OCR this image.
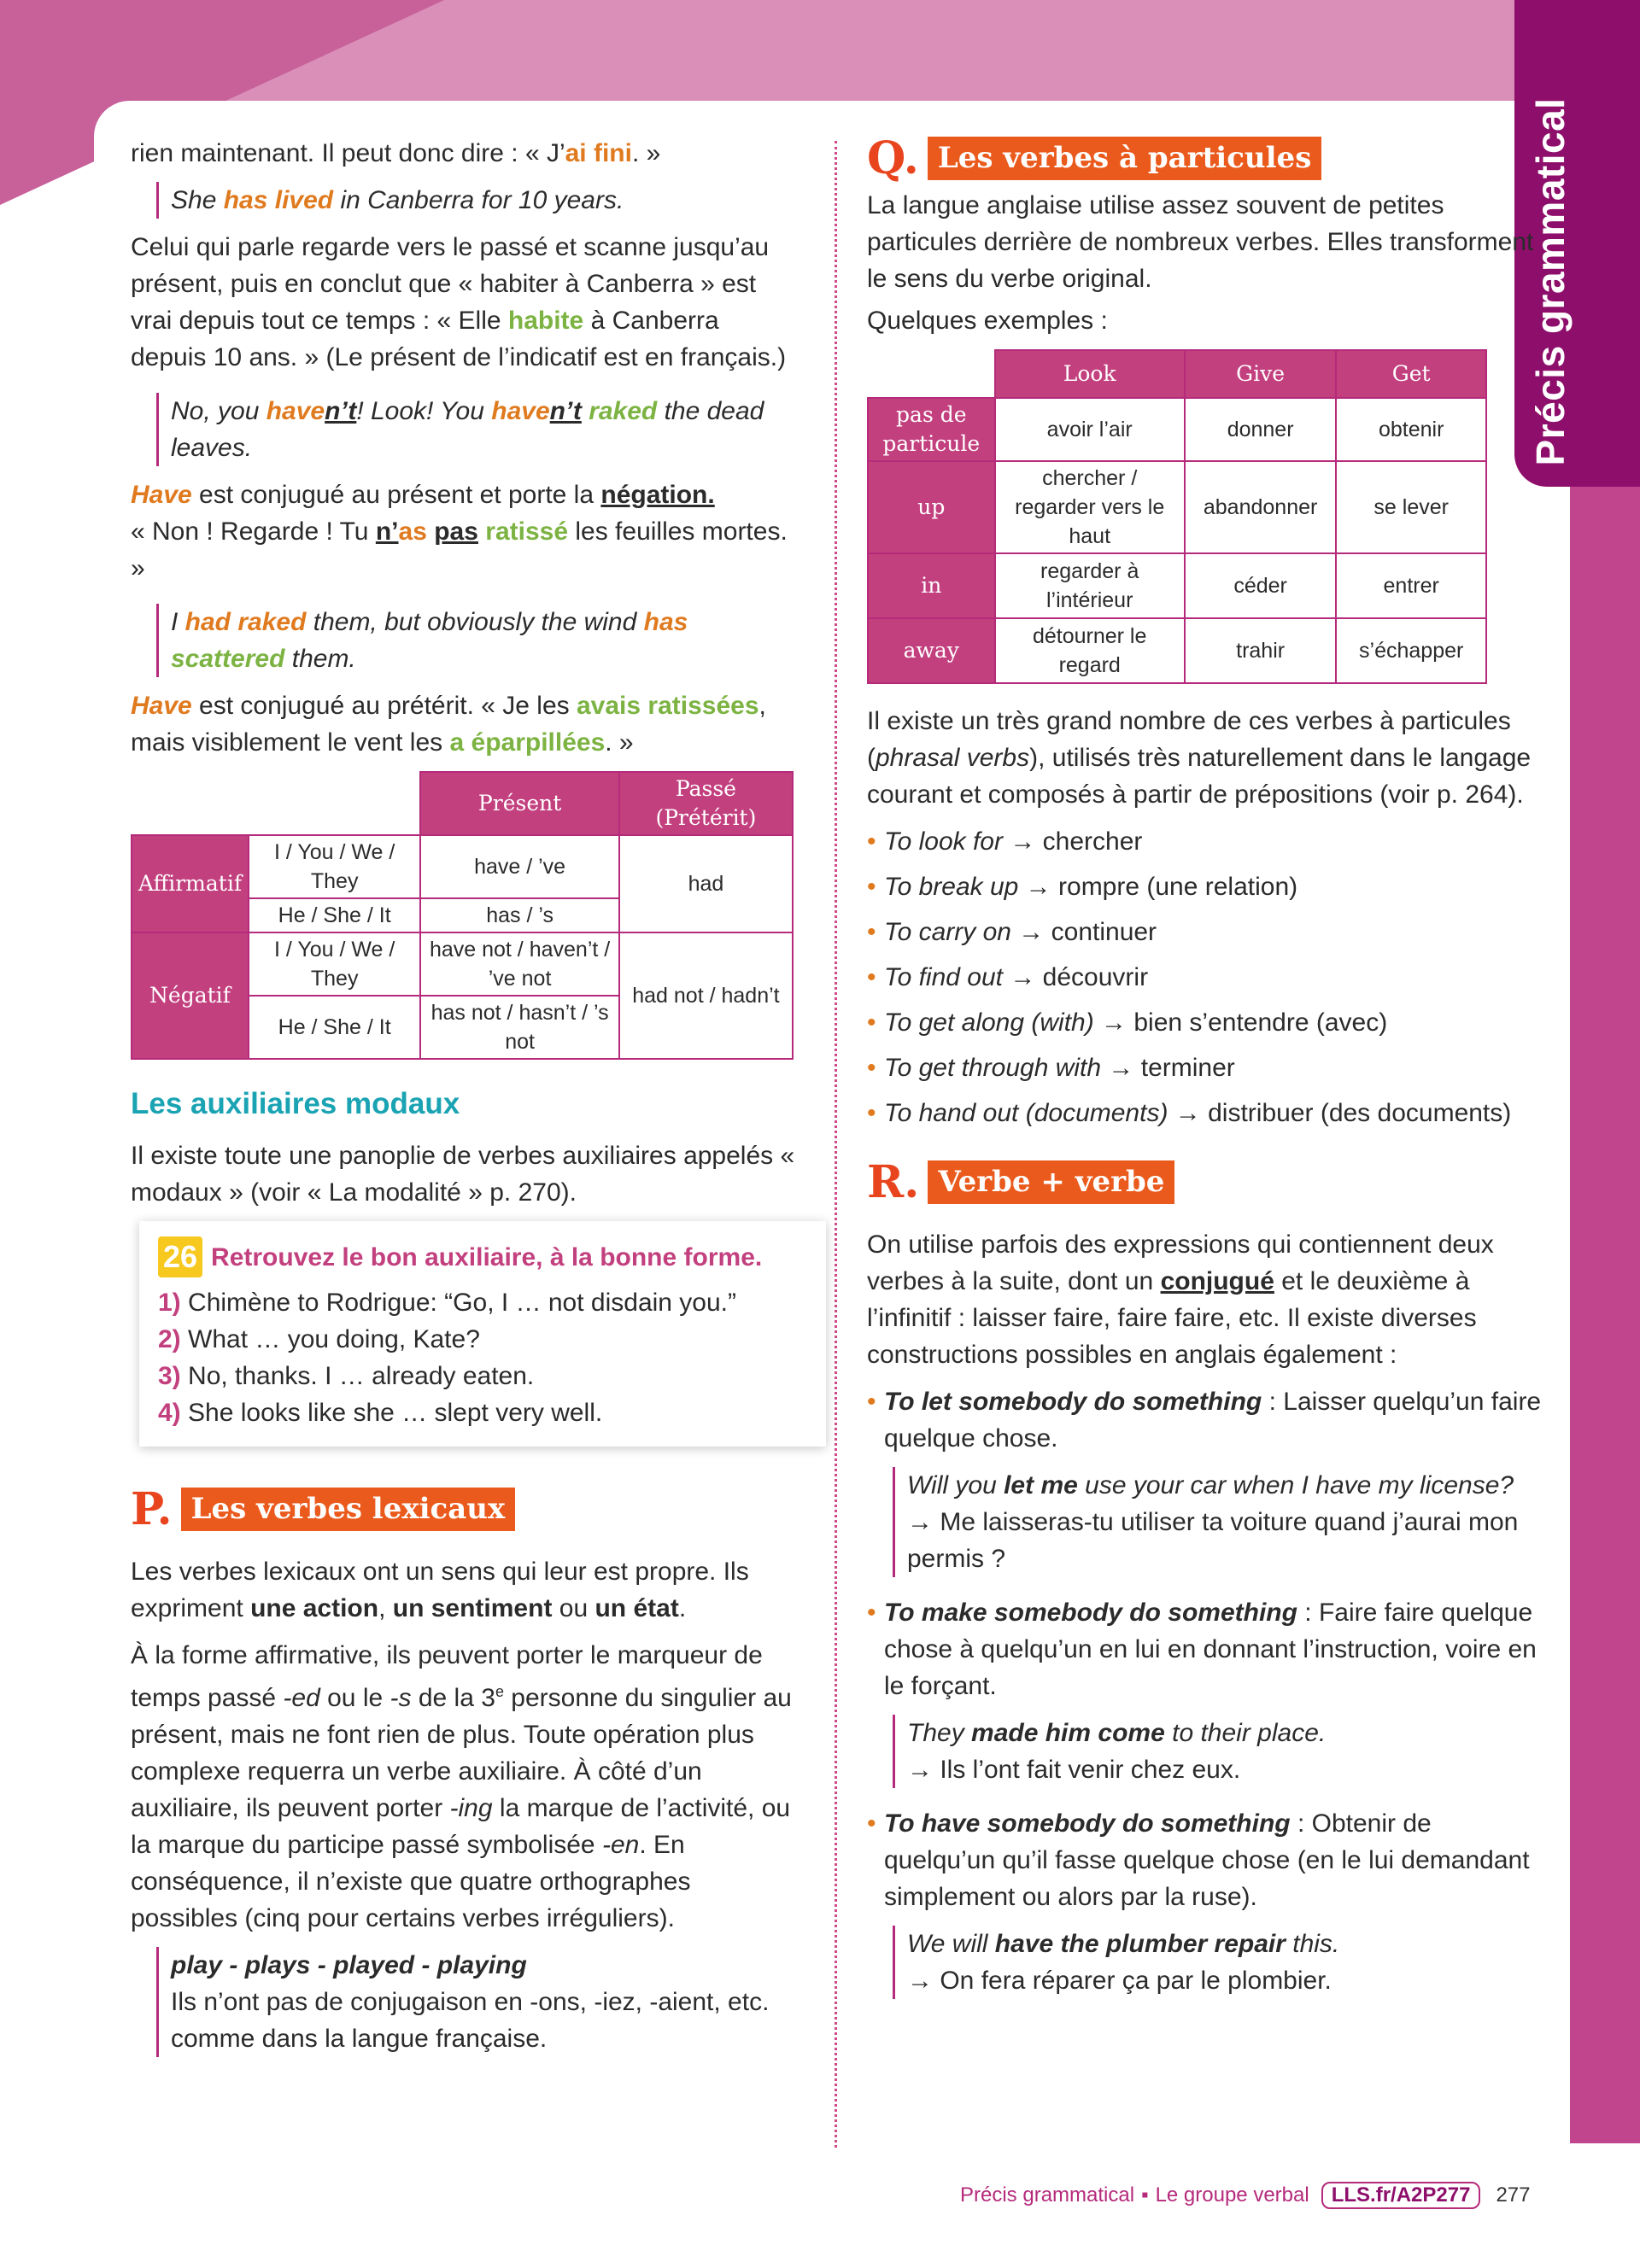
Précis grammatical

rien maintenant. Il peut donc dire : « J’ai fini. »

She has lived in Canberra for 10 years.

Celui qui parle regarde vers le passé et scanne jusqu’au présent, puis en conclut que « habiter à Canberra » est vrai depuis tout ce temps : « Elle habite à Canberra depuis 10 ans. » (Le présent de l’indicatif est en français.)

No, you haven’t! Look! You haven’t raked the dead leaves.

Have est conjugué au présent et porte la négation.
« Non ! Regarde ! Tu n’as pas ratissé les feuilles mortes. »

I had raked them, but obviously the wind has scattered them.

Have est conjugué au prétérit. « Je les avais ratissées, mais visiblement le vent les a éparpillées. »

		Présent	Passé (Prétérit)
Affirmatif	I / You / We / They	have / ’ve	had
	He / She / It	has / ’s	
Négatif	I / You / We / They	have not / haven’t / ’ve not	had not / hadn’t
	He / She / It	has not / hasn’t / ’s not	
Les auxiliaires modaux

Il existe toute une panoplie de verbes auxiliaires appelés « modaux » (voir « La modalité » p. 270).

26 Retrouvez le bon auxiliaire, à la bonne forme.
1) Chimène to Rodrigue: “Go, I … not disdain you.”
2) What … you doing, Kate?
3) No, thanks. I … already eaten.
4) She looks like she … slept very well.
P. Les verbes lexicaux

Les verbes lexicaux ont un sens qui leur est propre. Ils expriment une action, un sentiment ou un état.

À la forme affirmative, ils peuvent porter le marqueur de temps passé -ed ou le -s de la 3e personne du singulier au présent, mais ne font rien de plus. Toute opération plus complexe requerra un verbe auxiliaire. À côté d’un auxiliaire, ils peuvent porter -ing la marque de l’activité, ou la marque du participe passé symbolisée -en. En conséquence, il n’existe que quatre orthographes possibles (cinq pour certains verbes irréguliers).

play - plays - played - playing
Ils n’ont pas de conjugaison en -ons, -iez, -aient, etc. comme dans la langue française.
Q. Les verbes à particules

La langue anglaise utilise assez souvent de petites particules derrière de nombreux verbes. Elles transforment le sens du verbe original.

Quelques exemples :

	Look	Give	Get
pas de particule	avoir l’air	donner	obtenir
up	chercher / regarder vers le haut	abandonner	se lever
in	regarder à l’intérieur	céder	entrer
away	détourner le regard	trahir	s’échapper

Il existe un très grand nombre de ces verbes à particules (phrasal verbs), utilisés très naturellement dans le langage courant et composés à partir de prépositions (voir p. 264).

• To look for → chercher
• To break up → rompre (une relation)
• To carry on → continuer
• To find out → découvrir
• To get along (with) → bien s’entendre (avec)
• To get through with → terminer
• To hand out (documents) → distribuer (des documents)
R. Verbe + verbe

On utilise parfois des expressions qui contiennent deux verbes à la suite, dont un conjugué et le deuxième à l’infinitif : laisser faire, faire faire, etc. Il existe diverses constructions possibles en anglais également :

• To let somebody do something : Laisser quelqu’un faire quelque chose.
Will you let me use your car when I have my license?
→ Me laisseras-tu utiliser ta voiture quand j’aurai mon permis ?
• To make somebody do something : Faire faire quelque chose à quelqu’un en lui en donnant l’instruction, voire en le forçant.
They made him come to their place.
→ Ils l’ont fait venir chez eux.
• To have somebody do something : Obtenir de quelqu’un qu’il fasse quelque chose (en le lui demandant simplement ou alors par la ruse).
We will have the plumber repair this.
→ On fera réparer ça par le plombier.
Précis grammatical ▪ Le groupe verbal	LLS.fr/A2P277	277
